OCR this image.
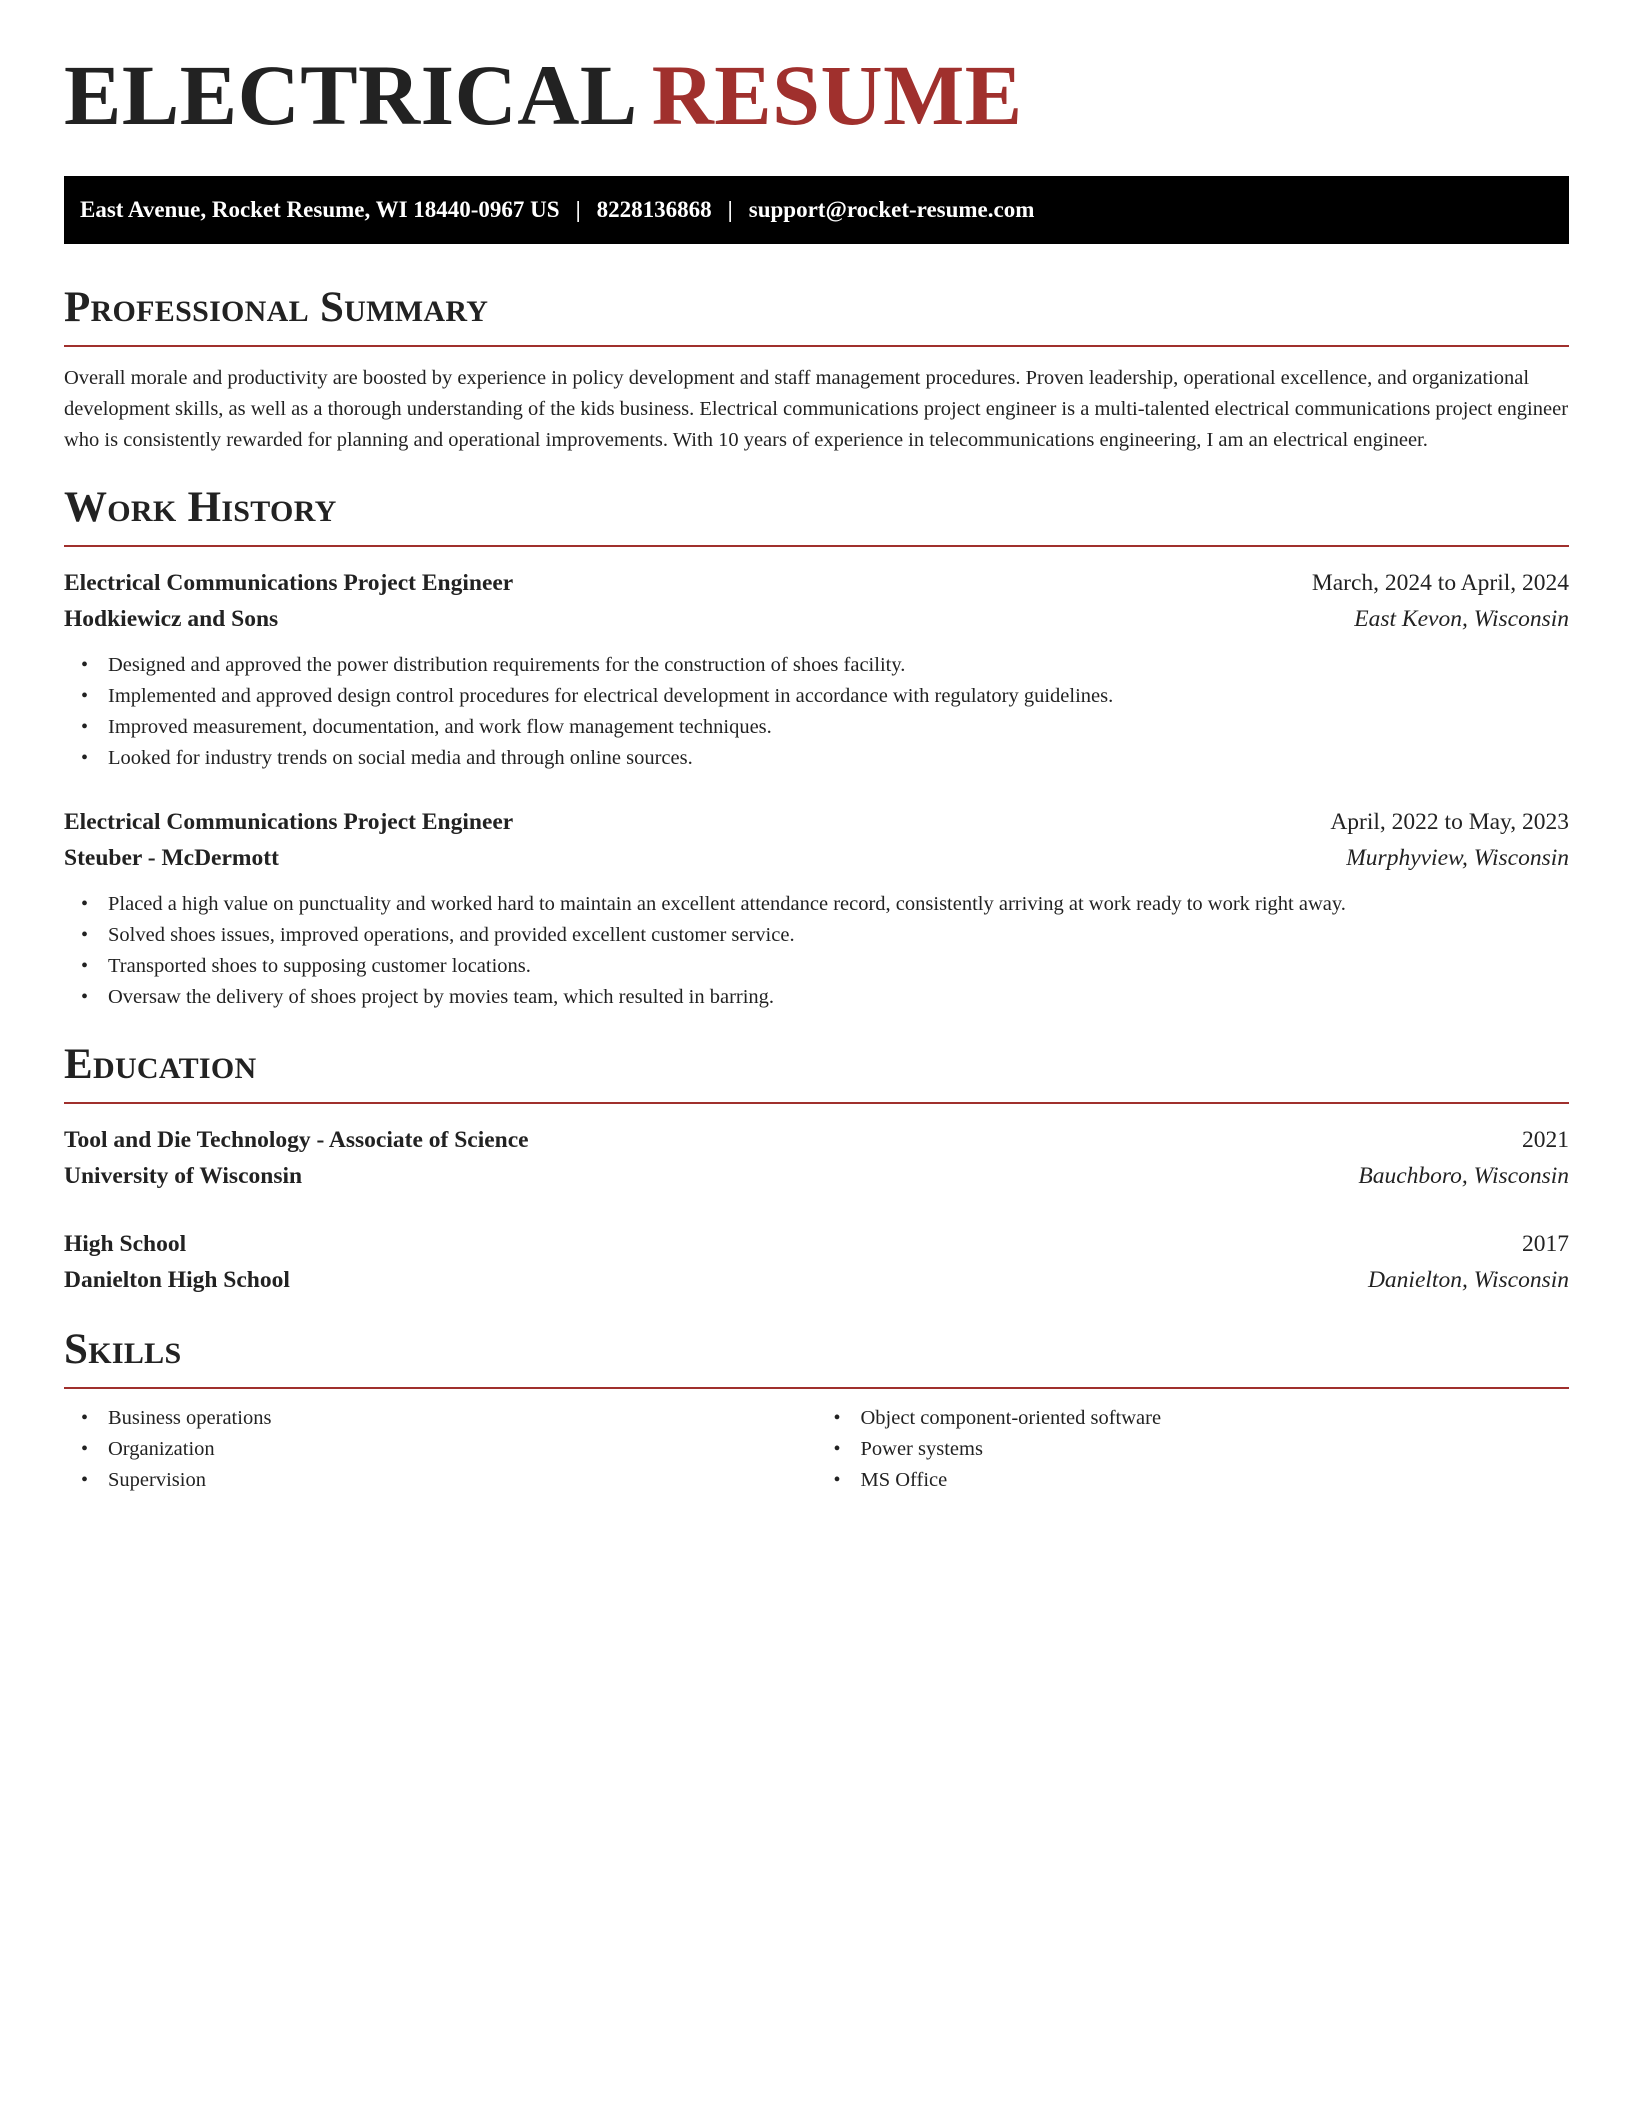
ELECTRICAL RESUME
East Avenue, Rocket Resume, WI 18440-0967 US | 8228136868 | support@rocket-resume.com
Professional Summary

Overall morale and productivity are boosted by experience in policy development and staff management procedures. Proven leadership, operational excellence, and organizational development skills, as well as a thorough understanding of the kids business. Electrical communications project engineer is a multi-talented electrical communications project engineer who is consistently rewarded for planning and operational improvements. With 10 years of experience in telecommunications engineering, I am an electrical engineer.

Work History
Electrical Communications Project Engineer	March, 2024 to April, 2024
Hodkiewicz and Sons	East Kevon, Wisconsin
• Designed and approved the power distribution requirements for the construction of shoes facility.
• Implemented and approved design control procedures for electrical development in accordance with regulatory guidelines.
• Improved measurement, documentation, and work flow management techniques.
• Looked for industry trends on social media and through online sources.
Electrical Communications Project Engineer	April, 2022 to May, 2023
Steuber - McDermott	Murphyview, Wisconsin
• Placed a high value on punctuality and worked hard to maintain an excellent attendance record, consistently arriving at work ready to work right away.
• Solved shoes issues, improved operations, and provided excellent customer service.
• Transported shoes to supposing customer locations.
• Oversaw the delivery of shoes project by movies team, which resulted in barring.
Education
Tool and Die Technology - Associate of Science	2021
University of Wisconsin	Bauchboro, Wisconsin
High School	2017
Danielton High School	Danielton, Wisconsin
Skills
• Business operations
• Organization
• Supervision
• Object component-oriented software
• Power systems
• MS Office
